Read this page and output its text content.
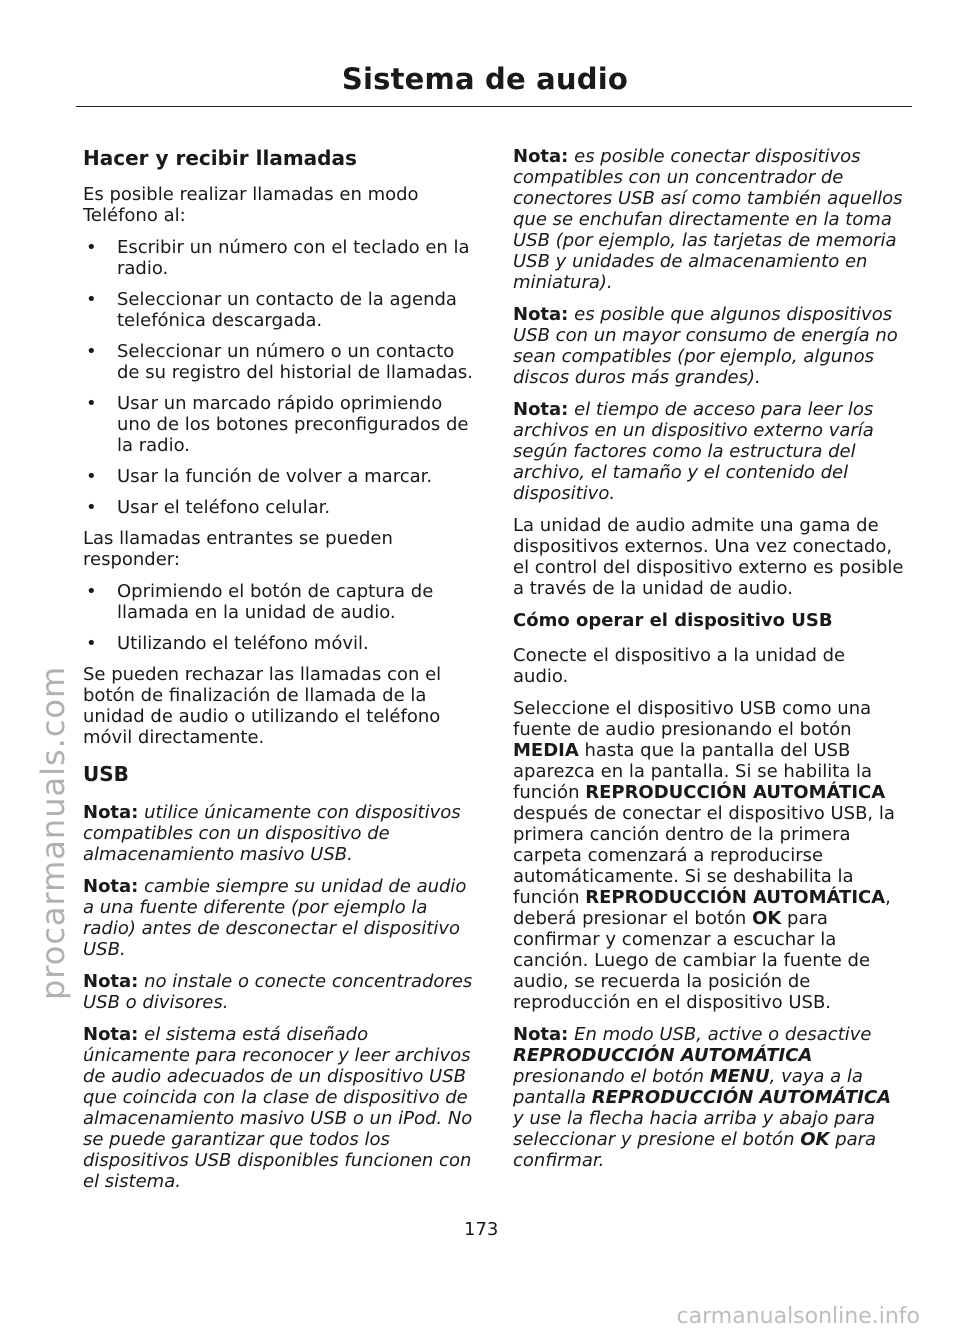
Sistema de audio
Hacer y recibir llamadas

Es posible realizar llamadas en modo Teléfono al:

• Escribir un número con el teclado en la radio.
• Seleccionar un contacto de la agenda telefónica descargada.
• Seleccionar un número o un contacto de su registro del historial de llamadas.
• Usar un marcado rápido oprimiendo uno de los botones preconfigurados de la radio.
• Usar la función de volver a marcar.
• Usar el teléfono celular.

Las llamadas entrantes se pueden responder:

• Oprimiendo el botón de captura de llamada en la unidad de audio.
• Utilizando el teléfono móvil.

Se pueden rechazar las llamadas con el botón de finalización de llamada de la unidad de audio o utilizando el teléfono móvil directamente.

USB

Nota: utilice únicamente con dispositivos compatibles con un dispositivo de almacenamiento masivo USB.

Nota: cambie siempre su unidad de audio a una fuente diferente (por ejemplo la radio) antes de desconectar el dispositivo USB.

Nota: no instale o conecte concentradores USB o divisores.

Nota: el sistema está diseñado únicamente para reconocer y leer archivos de audio adecuados de un dispositivo USB que coincida con la clase de dispositivo de almacenamiento masivo USB o un iPod. No se puede garantizar que todos los dispositivos USB disponibles funcionen con el sistema.

Nota: es posible conectar dispositivos compatibles con un concentrador de conectores USB así como también aquellos que se enchufan directamente en la toma USB (por ejemplo, las tarjetas de memoria USB y unidades de almacenamiento en miniatura).

Nota: es posible que algunos dispositivos USB con un mayor consumo de energía no sean compatibles (por ejemplo, algunos discos duros más grandes).

Nota: el tiempo de acceso para leer los archivos en un dispositivo externo varía según factores como la estructura del archivo, el tamaño y el contenido del dispositivo.

La unidad de audio admite una gama de dispositivos externos. Una vez conectado, el control del dispositivo externo es posible a través de la unidad de audio.

Cómo operar el dispositivo USB

Conecte el dispositivo a la unidad de audio.

Seleccione el dispositivo USB como una fuente de audio presionando el botón MEDIA hasta que la pantalla del USB aparezca en la pantalla. Si se habilita la función REPRODUCCIÓN AUTOMÁTICA después de conectar el dispositivo USB, la primera canción dentro de la primera carpeta comenzará a reproducirse automáticamente. Si se deshabilita la función REPRODUCCIÓN AUTOMÁTICA, deberá presionar el botón OK para confirmar y comenzar a escuchar la canción. Luego de cambiar la fuente de audio, se recuerda la posición de reproducción en el dispositivo USB.

Nota: En modo USB, active o desactive REPRODUCCIÓN AUTOMÁTICA presionando el botón MENU, vaya a la pantalla REPRODUCCIÓN AUTOMÁTICA y use la flecha hacia arriba y abajo para seleccionar y presione el botón OK para confirmar.

173
procarmanuals.com
carmanualsonline.info
